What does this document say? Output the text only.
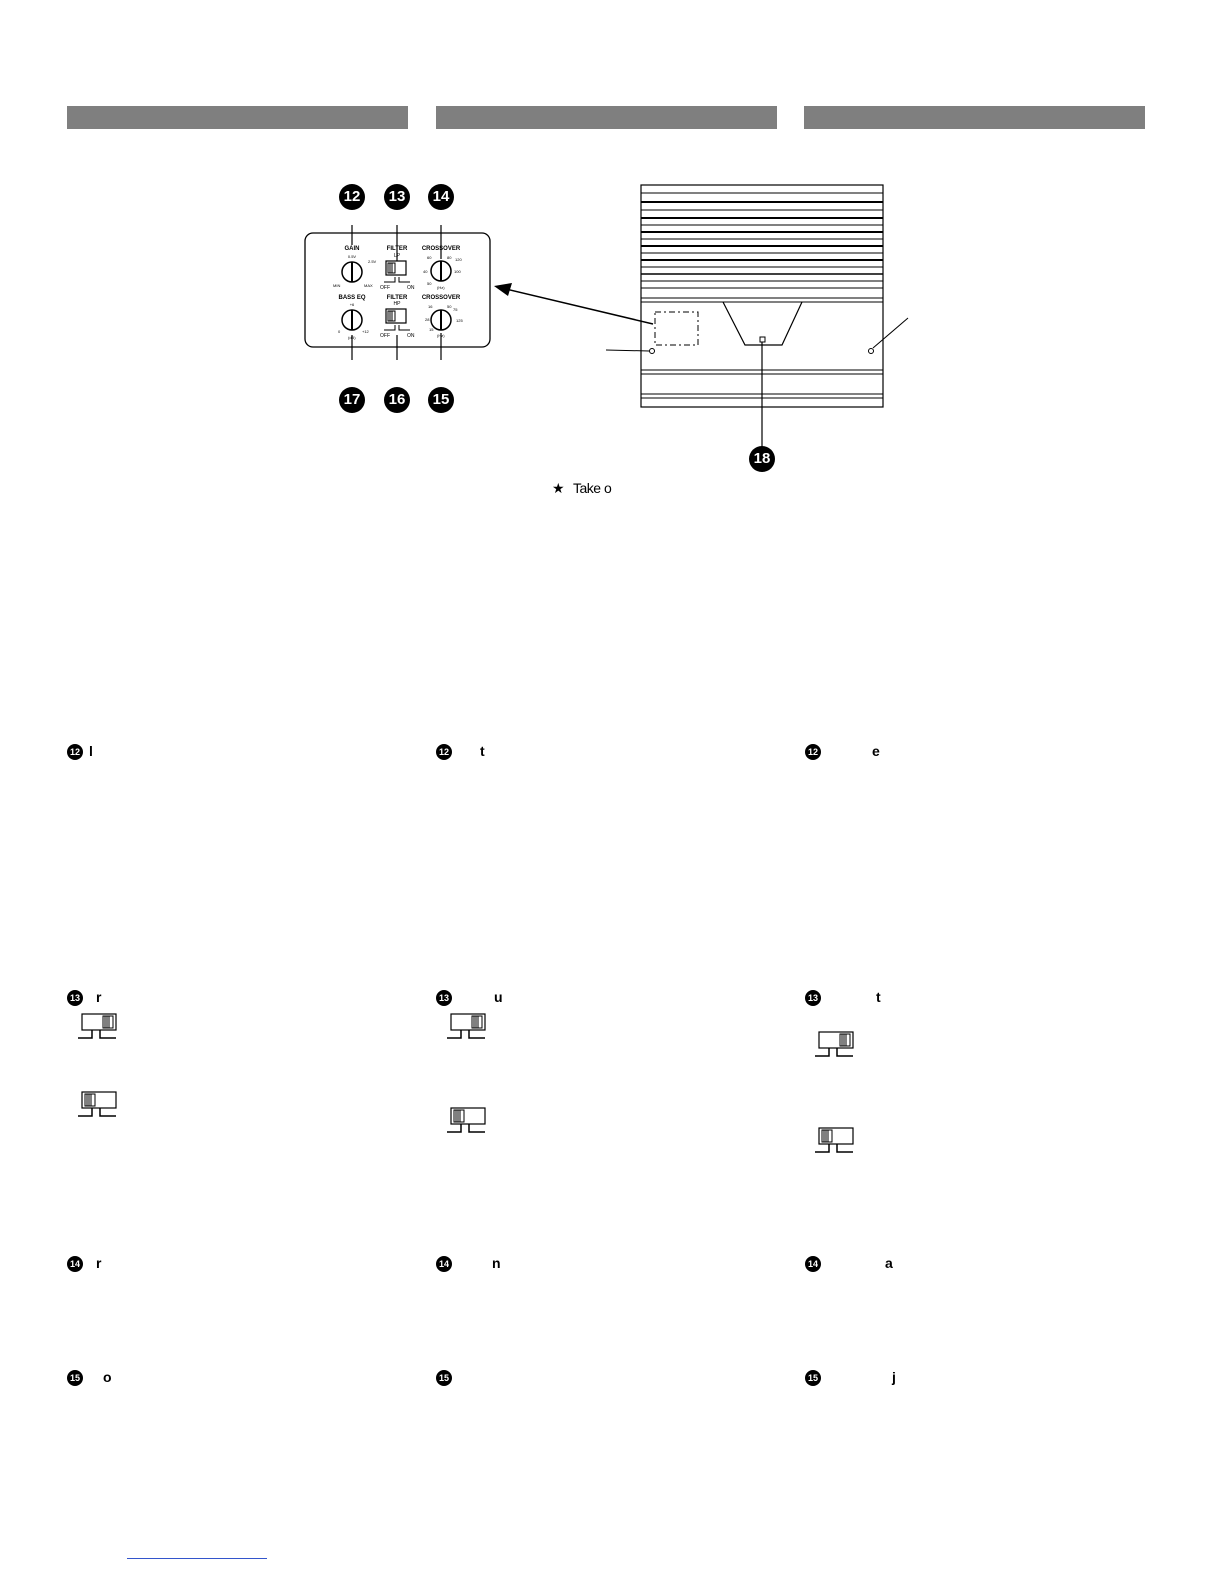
12	13	14
17	16	15
GAIN
0.5V
2.5V
MIN	MAX
FILTER
LP
OFF	ON
CROSSOVER
60	80
40	100
120
50
(Hz)
BASS EQ
+6
0	+12
(dB)
FILTER
HP
OFF	ON
CROSSOVER
16	50
28
15
75
125
(Hz)
18
★ Take o
12 l
13 r
14 r
15 o
12 t
13	u
14	n
15
12	e
13	t
14	a
15	j
